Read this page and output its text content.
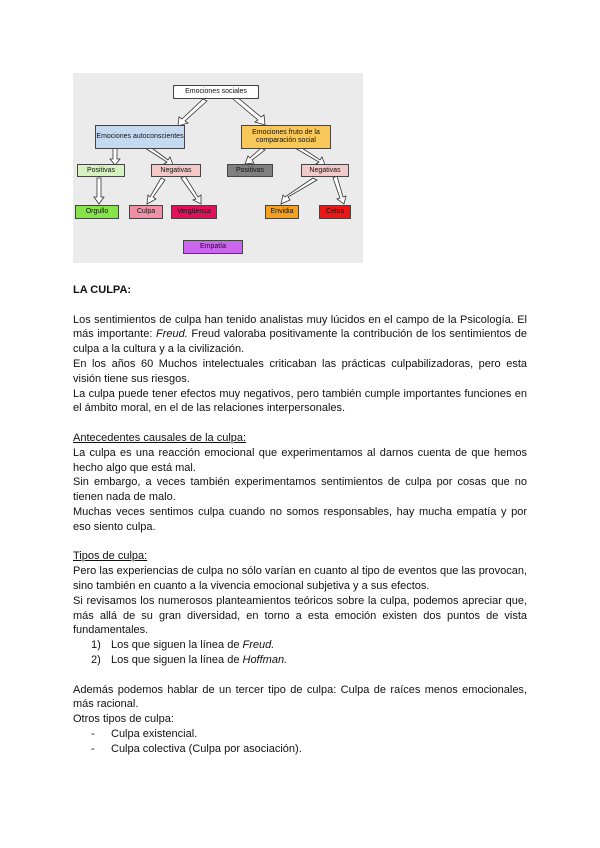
Emociones sociales
Emociones autoconscientes
Emociones fruto de la comparación social
Positivas	Negativas	Positivas	Negativas
Orgullo	Culpa	Vergüenza	Envidia	Celos
Empatía

LA CULPA:

Los sentimientos de culpa han tenido analistas muy lúcidos en el campo de la Psicología. El más importante: Freud. Freud valoraba positivamente la contribución de los sentimientos de culpa a la cultura y a la civilización.

En los años 60 Muchos intelectuales criticaban las prácticas culpabilizadoras, pero esta visión tiene sus riesgos.

La culpa puede tener efectos muy negativos, pero también cumple importantes funciones en el ámbito moral, en el de las relaciones interpersonales.

Antecedentes causales de la culpa:

La culpa es una reacción emocional que experimentamos al darnos cuenta de que hemos hecho algo que está mal.

Sin embargo, a veces también experimentamos sentimientos de culpa por cosas que no tienen nada de malo.

Muchas veces sentimos culpa cuando no somos responsables, hay mucha empatía y por eso siento culpa.

Tipos de culpa:

Pero las experiencias de culpa no sólo varían en cuanto al tipo de eventos que las provocan, sino también en cuanto a la vivencia emocional subjetiva y a sus efectos.

Si revisamos los numerosos planteamientos teóricos sobre la culpa, podemos apreciar que, más allá de su gran diversidad, en torno a esta emoción existen dos puntos de vista fundamentales.

1) Los que siguen la línea de Freud.
2) Los que siguen la línea de Hoffman.

Además podemos hablar de un tercer tipo de culpa: Culpa de raíces menos emocionales, más racional.

Otros tipos de culpa:

- Culpa existencial.
- Culpa colectiva (Culpa por asociación).
